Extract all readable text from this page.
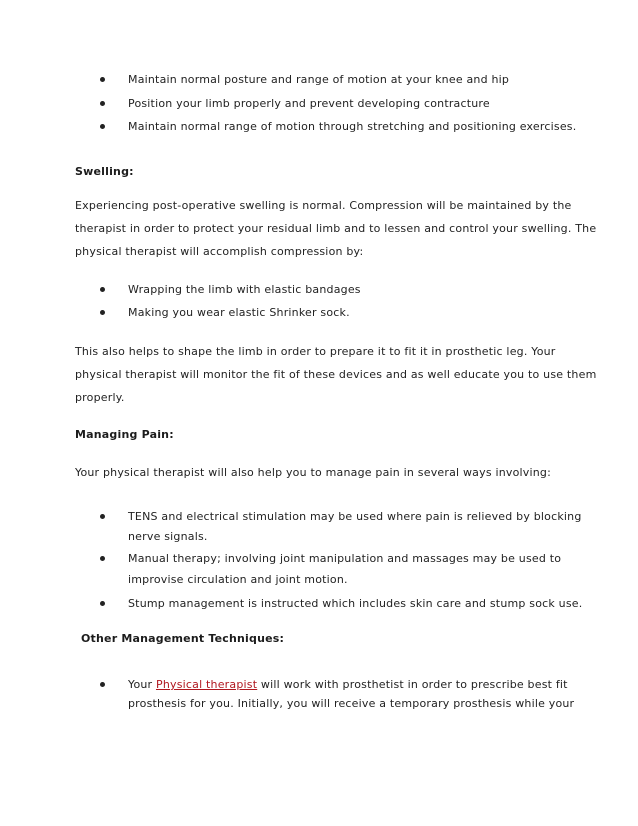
Maintain normal posture and range of motion at your knee and hip
Position your limb properly and prevent developing contracture
Maintain normal range of motion through stretching and positioning exercises.
Swelling:
Experiencing post-operative swelling is normal. Compression will be maintained by the
therapist in order to protect your residual limb and to lessen and control your swelling. The
physical therapist will accomplish compression by:
Wrapping the limb with elastic bandages
Making you wear elastic Shrinker sock.
This also helps to shape the limb in order to prepare it to fit it in prosthetic leg. Your
physical therapist will monitor the fit of these devices and as well educate you to use them
properly.
Managing Pain:
Your physical therapist will also help you to manage pain in several ways involving:
TENS and electrical stimulation may be used where pain is relieved by blocking
nerve signals.
Manual therapy; involving joint manipulation and massages may be used to
improvise circulation and joint motion.
Stump management is instructed which includes skin care and stump sock use.
Other Management Techniques:
Your Physical therapist will work with prosthetist in order to prescribe best fit
prosthesis for you. Initially, you will receive a temporary prosthesis while your
